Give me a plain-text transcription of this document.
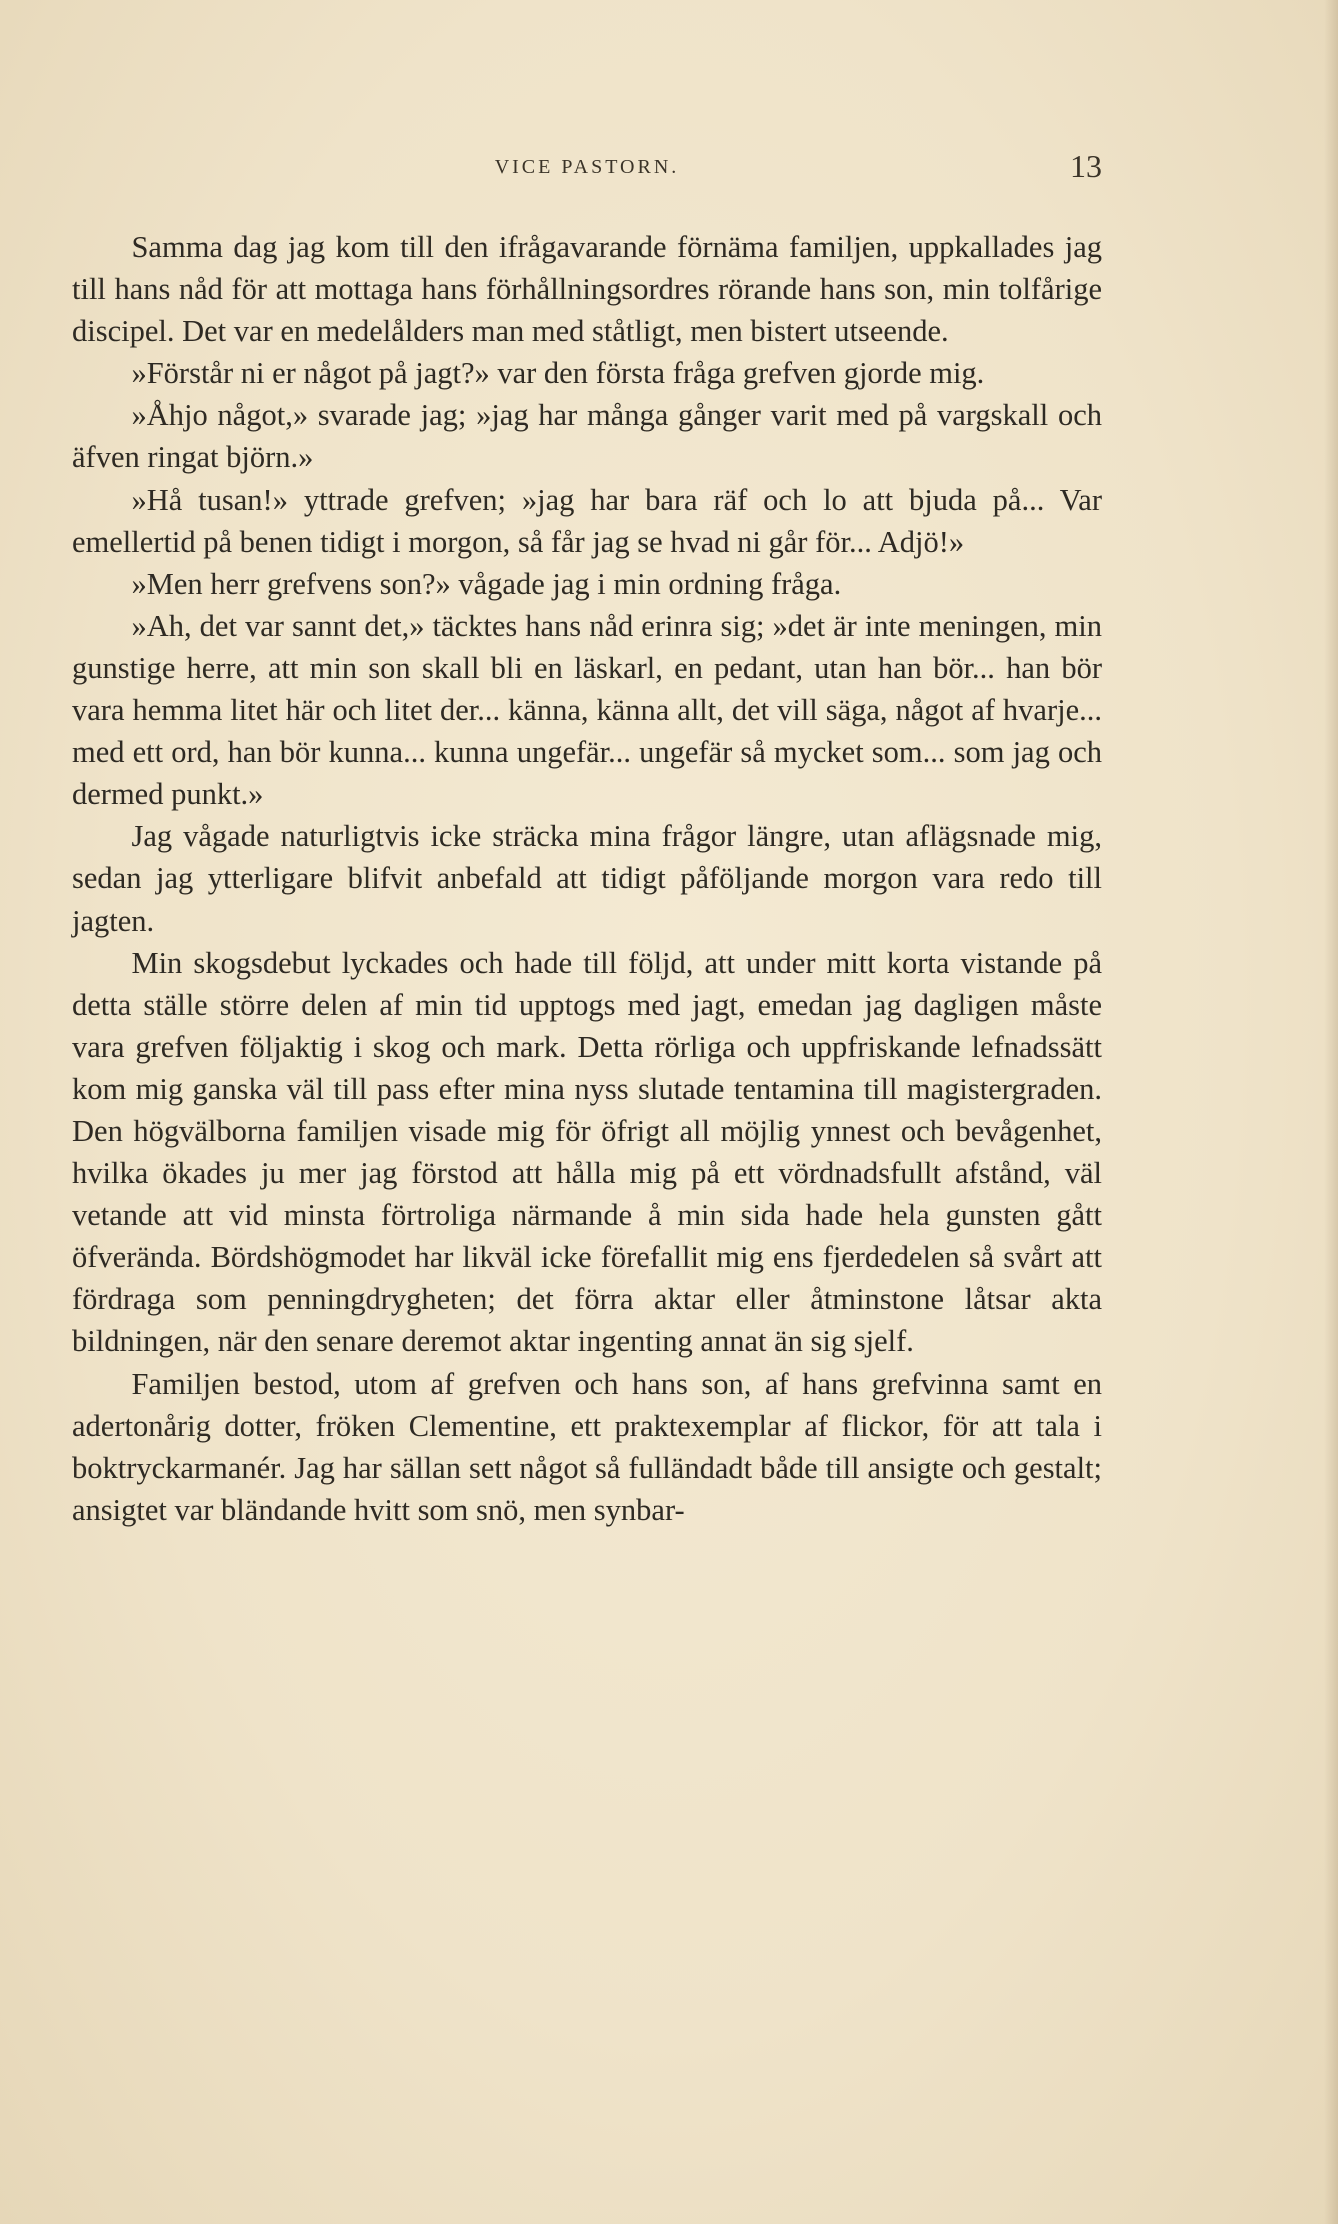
VICE PASTORN.	13

Samma dag jag kom till den ifrågavarande förnäma familjen, uppkallades jag till hans nåd för att mottaga hans förhållningsordres rörande hans son, min tolfårige discipel. Det var en medelålders man med ståtligt, men bistert utseende.

»Förstår ni er något på jagt?» var den första fråga grefven gjorde mig.

»Åhjo något,» svarade jag; »jag har många gånger varit med på vargskall och äfven ringat björn.»

»Hå tusan!» yttrade grefven; »jag har bara räf och lo att bjuda på... Var emellertid på benen tidigt i morgon, så får jag se hvad ni går för... Adjö!»

»Men herr grefvens son?» vågade jag i min ordning fråga.

»Ah, det var sannt det,» täcktes hans nåd erinra sig; »det är inte meningen, min gunstige herre, att min son skall bli en läskarl, en pedant, utan han bör... han bör vara hemma litet här och litet der... känna, känna allt, det vill säga, något af hvarje... med ett ord, han bör kunna... kunna ungefär... ungefär så mycket som... som jag och dermed punkt.»

Jag vågade naturligtvis icke sträcka mina frågor längre, utan aflägsnade mig, sedan jag ytterligare blifvit anbefald att tidigt påföljande morgon vara redo till jagten.

Min skogsdebut lyckades och hade till följd, att under mitt korta vistande på detta ställe större delen af min tid upptogs med jagt, emedan jag dagligen måste vara grefven följaktig i skog och mark. Detta rörliga och uppfriskande lefnadssätt kom mig ganska väl till pass efter mina nyss slutade tentamina till magistergraden. Den högvälborna familjen visade mig för öfrigt all möjlig ynnest och bevågenhet, hvilka ökades ju mer jag förstod att hålla mig på ett vördnadsfullt afstånd, väl vetande att vid minsta förtroliga närmande å min sida hade hela gunsten gått öfverända. Bördshögmodet har likväl icke förefallit mig ens fjerdedelen så svårt att fördraga som penningdrygheten; det förra aktar eller åtminstone låtsar akta bildningen, när den senare deremot aktar ingenting annat än sig sjelf.

Familjen bestod, utom af grefven och hans son, af hans grefvinna samt en adertonårig dotter, fröken Clementine, ett praktexemplar af flickor, för att tala i boktryckarmanér. Jag har sällan sett något så fulländadt både till ansigte och gestalt; ansigtet var bländande hvitt som snö, men synbar-
